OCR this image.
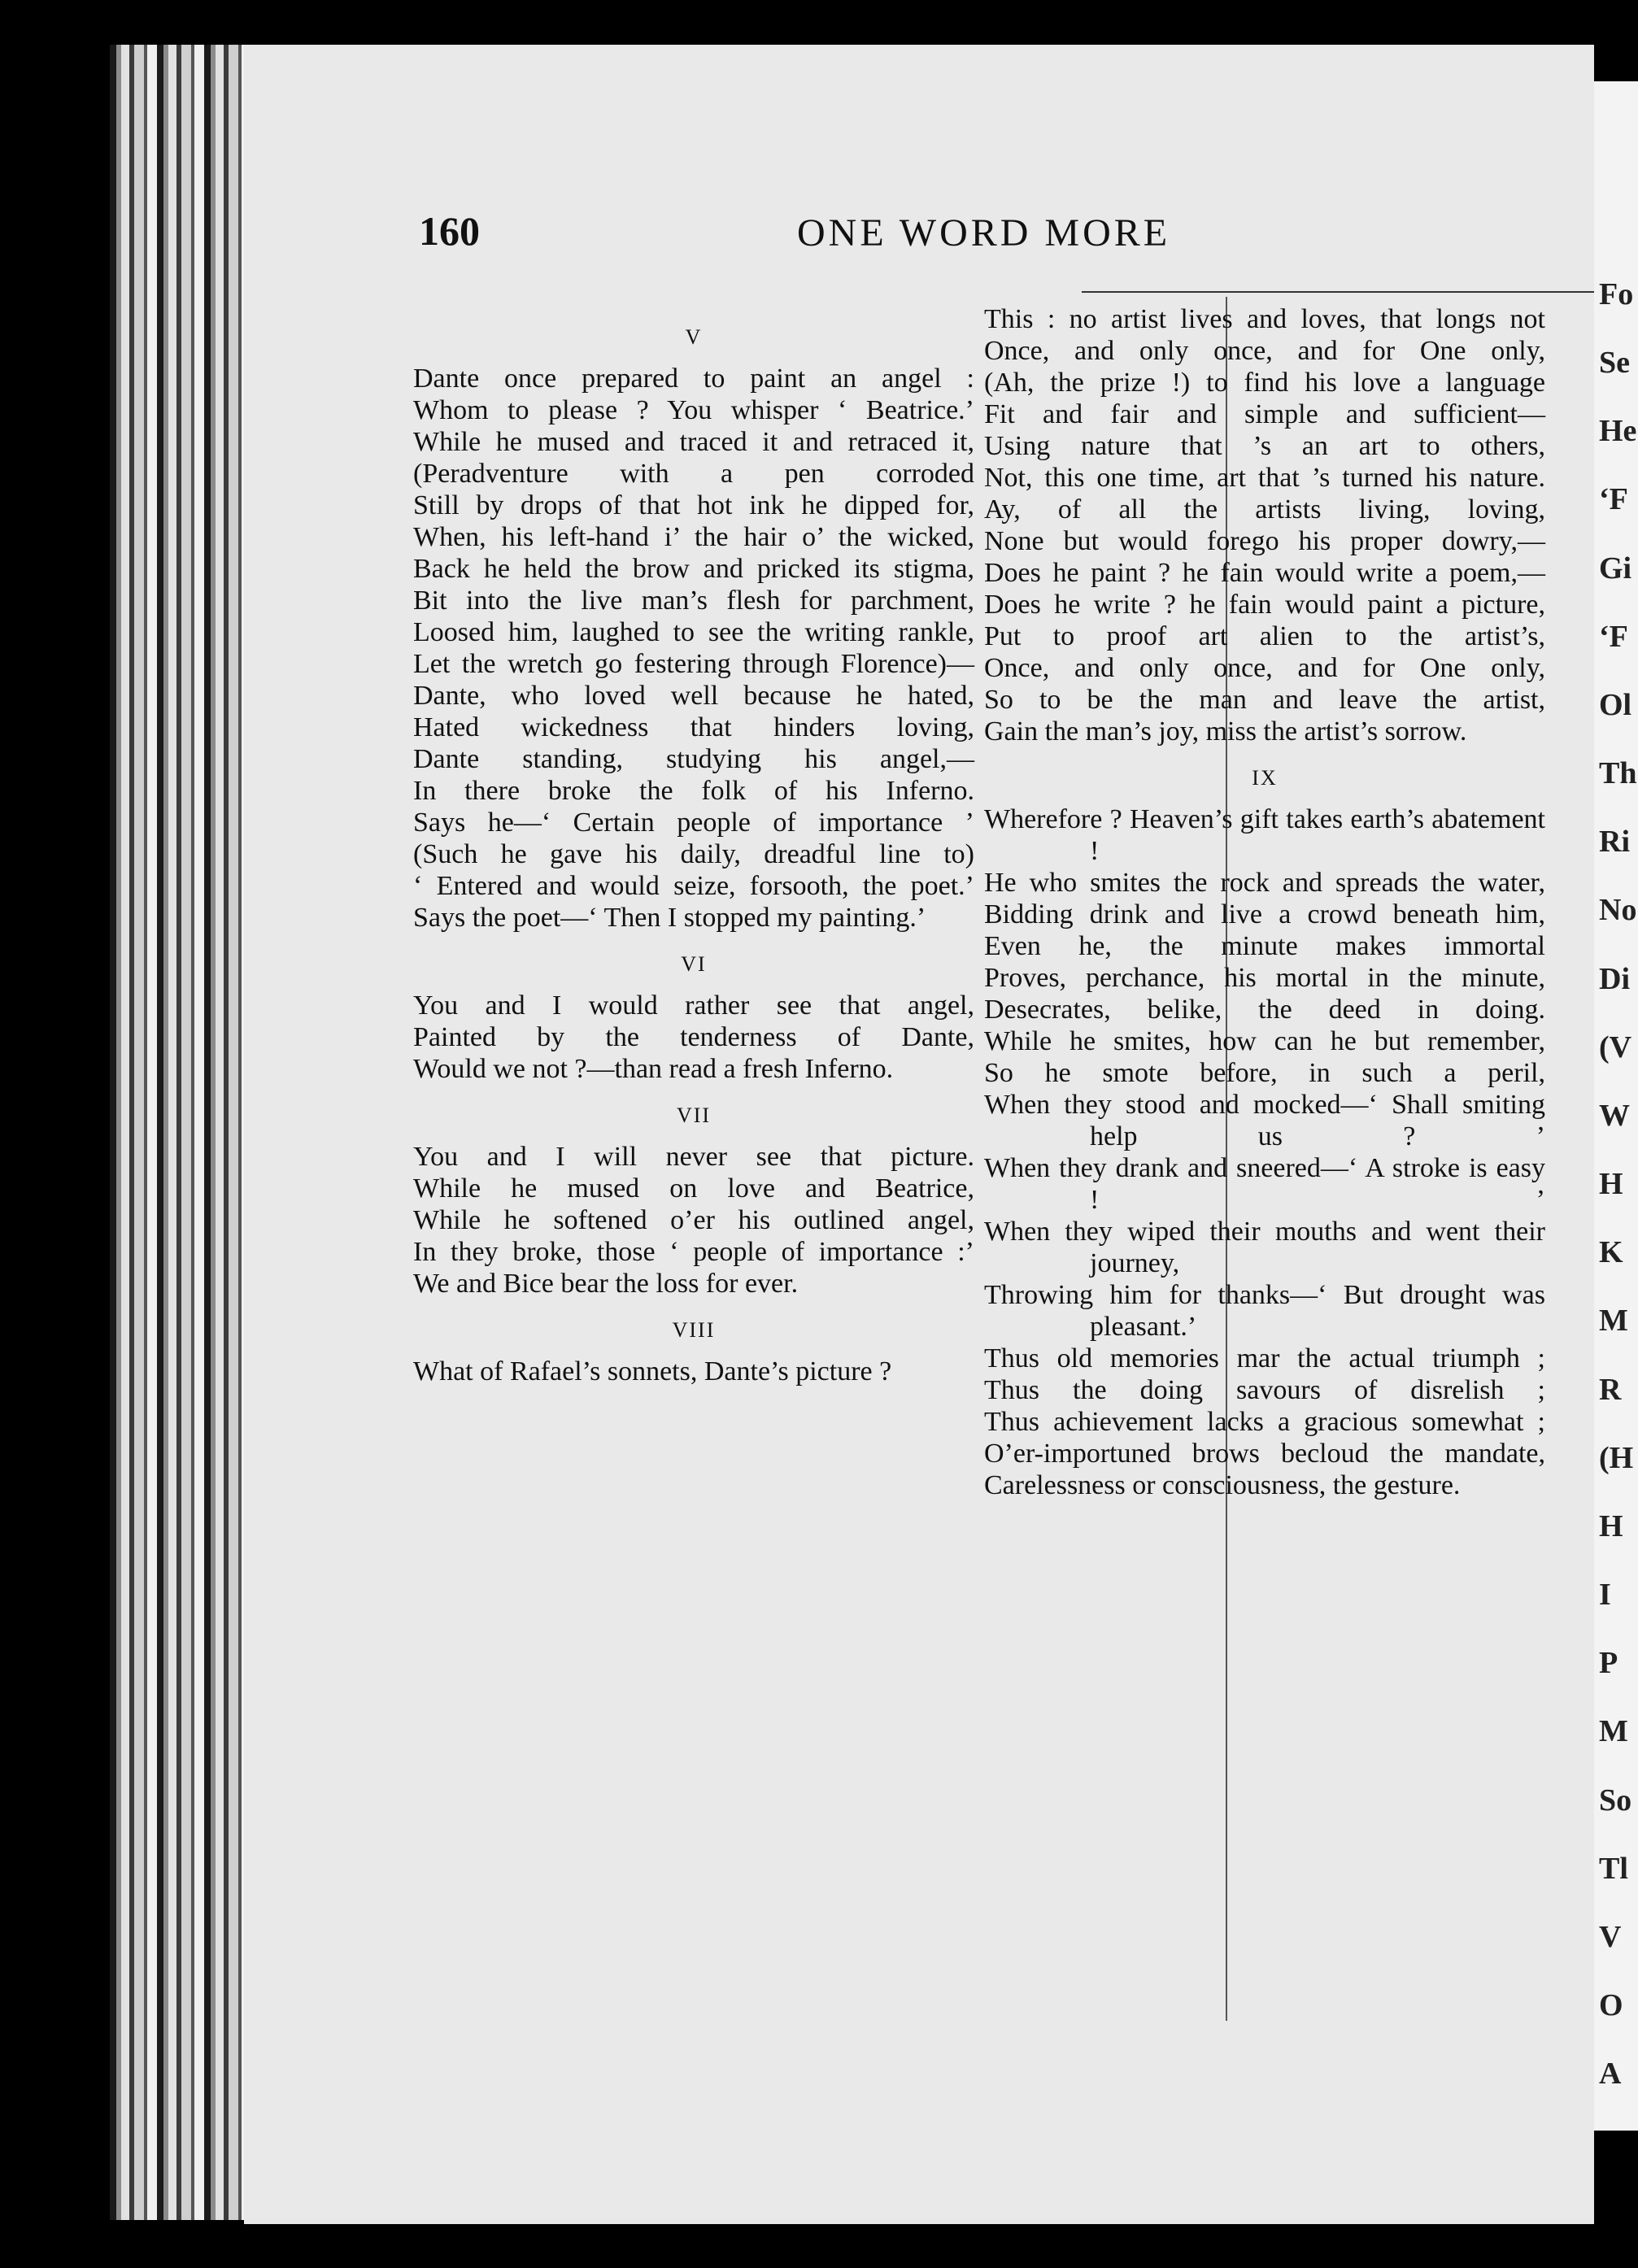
160	ONE WORD MORE
V
Dante once prepared to paint an angel :
Whom to please ? You whisper ‘ Beatrice.’
While he mused and traced it and retraced it,
(Peradventure with a pen corroded
Still by drops of that hot ink he dipped for,
When, his left-hand i’ the hair o’ the wicked,
Back he held the brow and pricked its stigma,
Bit into the live man’s flesh for parchment,
Loosed him, laughed to see the writing rankle,
Let the wretch go festering through Florence)—
Dante, who loved well because he hated,
Hated wickedness that hinders loving,
Dante standing, studying his angel,—
In there broke the folk of his Inferno.
Says he—‘ Certain people of importance ’
(Such he gave his daily, dreadful line to)
‘ Entered and would seize, forsooth, the poet.’
Says the poet—‘ Then I stopped my painting.’
VI
You and I would rather see that angel,
Painted by the tenderness of Dante,
Would we not ?—than read a fresh Inferno.
VII
You and I will never see that picture.
While he mused on love and Beatrice,
While he softened o’er his outlined angel,
In they broke, those ‘ people of importance :’
We and Bice bear the loss for ever.
VIII
What of Rafael’s sonnets, Dante’s picture ?
This : no artist lives and loves, that longs not
Once, and only once, and for One only,
(Ah, the prize !) to find his love a language
Fit and fair and simple and sufficient—
Using nature that ’s an art to others,
Not, this one time, art that ’s turned his nature.
Ay, of all the artists living, loving,
None but would forego his proper dowry,—
Does he paint ? he fain would write a poem,—
Does he write ? he fain would paint a picture,
Put to proof art alien to the artist’s,
Once, and only once, and for One only,
So to be the man and leave the artist,
Gain the man’s joy, miss the artist’s sorrow.
IX
Wherefore ? Heaven’s gift takes earth’s abatement !
He who smites the rock and spreads the water,
Bidding drink and live a crowd beneath him,
Even he, the minute makes immortal
Proves, perchance, his mortal in the minute,
Desecrates, belike, the deed in doing.
While he smites, how can he but remember,
So he smote before, in such a peril,
When they stood and mocked—‘ Shall smiting help us ? ’
When they drank and sneered—‘ A stroke is easy ! ’
When they wiped their mouths and went their journey,
Throwing him for thanks—‘ But drought was pleasant.’
Thus old memories mar the actual triumph ;
Thus the doing savours of disrelish ;
Thus achievement lacks a gracious somewhat ;
O’er-importuned brows becloud the mandate,
Carelessness or consciousness, the gesture.
Fo
Se
He
‘F
Gi
‘F
Ol
Th
Ri
No
Di
(V
W
H
K
M
R
(H
H
I
P
M
So
Tl
V
O
A
